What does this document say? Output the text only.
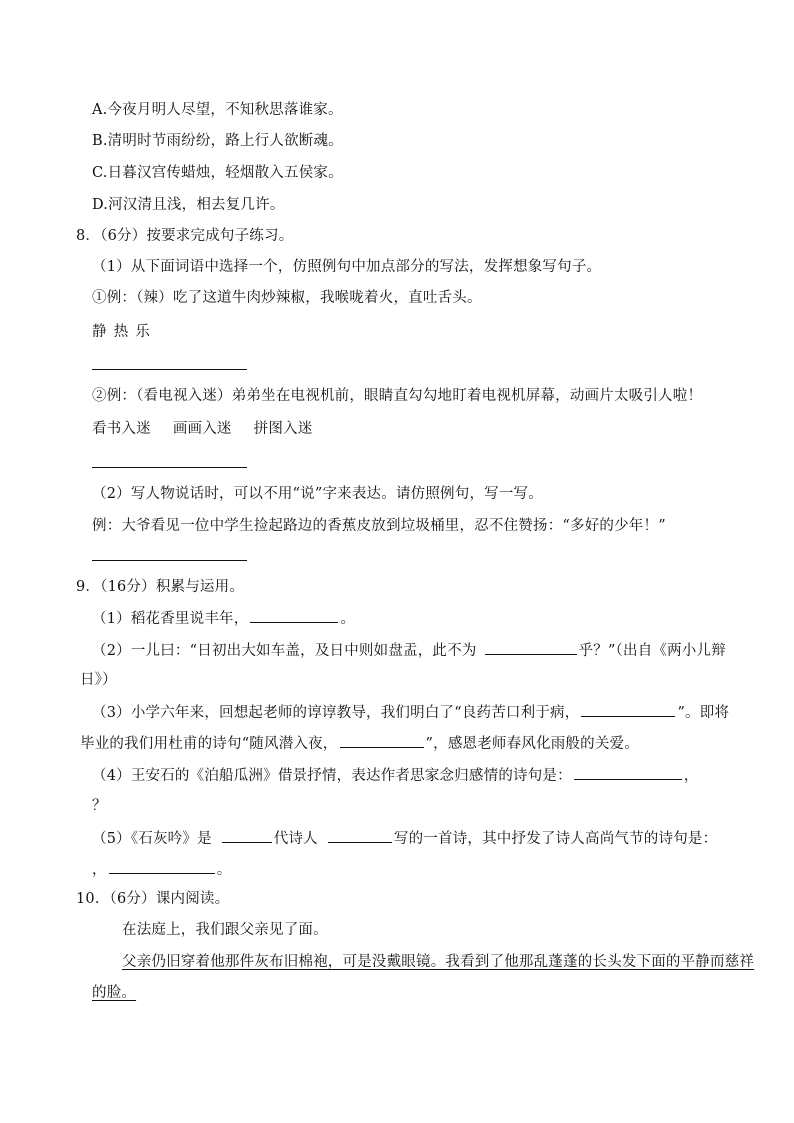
A.今夜月明人尽望，不知秋思落谁家。
B.清明时节雨纷纷，路上行人欲断魂。
C.日暮汉宫传蜡烛，轻烟散入五侯家。
D.河汉清且浅，相去复几许。
8．（6分）按要求完成句子练习。
（1）从下面词语中选择一个，仿照例句中加点部分的写法，发挥想象写句子。
①例：（辣）吃了这道牛肉炒辣椒，我喉咙着火，直吐舌头。
静 热 乐
②例：（看电视入迷）弟弟坐在电视机前，眼睛直勾勾地盯着电视机屏幕，动画片太吸引人啦！
看书入迷 画画入迷 拼图入迷
（2）写人物说话时，可以不用“说”字来表达。请仿照例句，写一写。
例：大爷看见一位中学生捡起路边的香蕉皮放到垃圾桶里，忍不住赞扬：“多好的少年！”
9．（16分）积累与运用。
（1）稻花香里说丰年，	。
（2）一儿曰：“日初出大如车盖，及日中则如盘盂，此不为	乎？”（出自《两小儿辩
日》）
（3）小学六年来，回想起老师的谆谆教导，我们明白了“良药苦口利于病，	”。即将
毕业的我们用杜甫的诗句“随风潜入夜，	”，感恩老师春风化雨般的关爱。
（4）王安石的《泊船瓜洲》借景抒情，表达作者思家念归感情的诗句是：	，
？
（5）《石灰吟》是	代诗人	写的一首诗，其中抒发了诗人高尚气节的诗句是：
，	。
10．（6分）课内阅读。
在法庭上，我们跟父亲见了面。
父亲仍旧穿着他那件灰布旧棉袍，可是没戴眼镜。我看到了他那乱蓬蓬的长头发下面的平静而慈祥
的脸。
